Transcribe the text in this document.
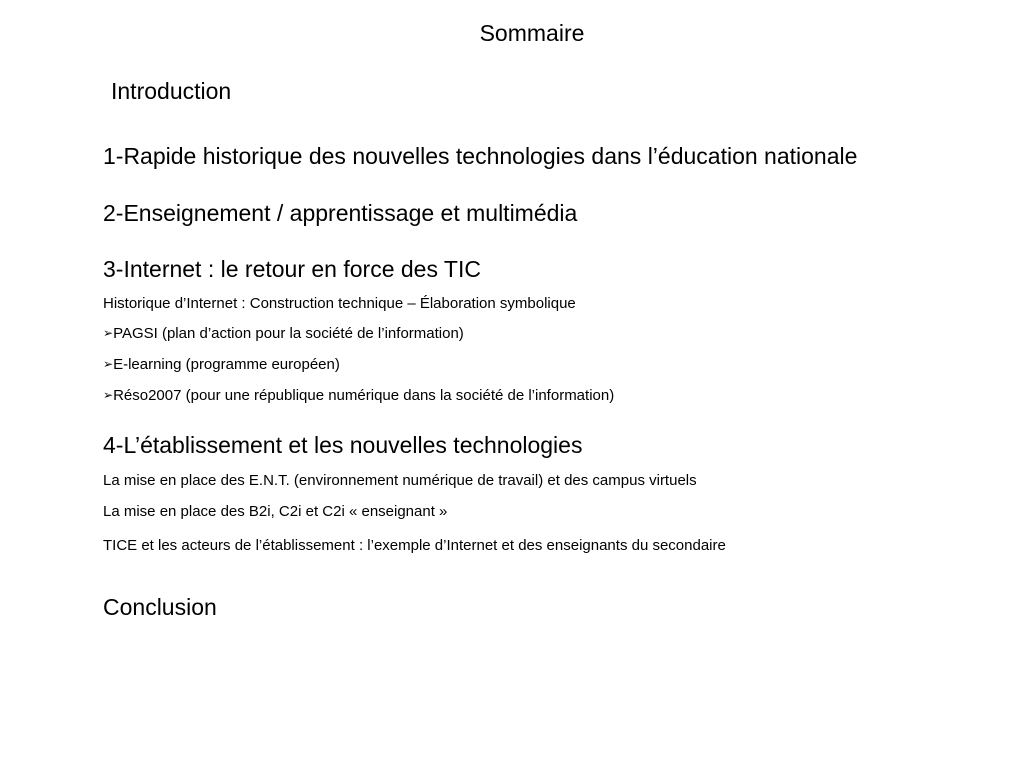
Sommaire

Introduction

1-Rapide historique des nouvelles technologies dans l’éducation nationale

2-Enseignement / apprentissage et multimédia

3-Internet : le retour en force des TIC

Historique d’Internet : Construction technique – Élaboration symbolique

➢PAGSI (plan d’action pour la société de l’information)

➢E-learning (programme européen)

➢Réso2007 (pour une république numérique dans la société de l’information)

4-L’établissement et les nouvelles technologies

La mise en place des E.N.T. (environnement numérique de travail) et des campus virtuels

La mise en place des B2i, C2i et C2i « enseignant »

TICE et les acteurs de l’établissement : l’exemple d’Internet et des enseignants du secondaire

Conclusion
